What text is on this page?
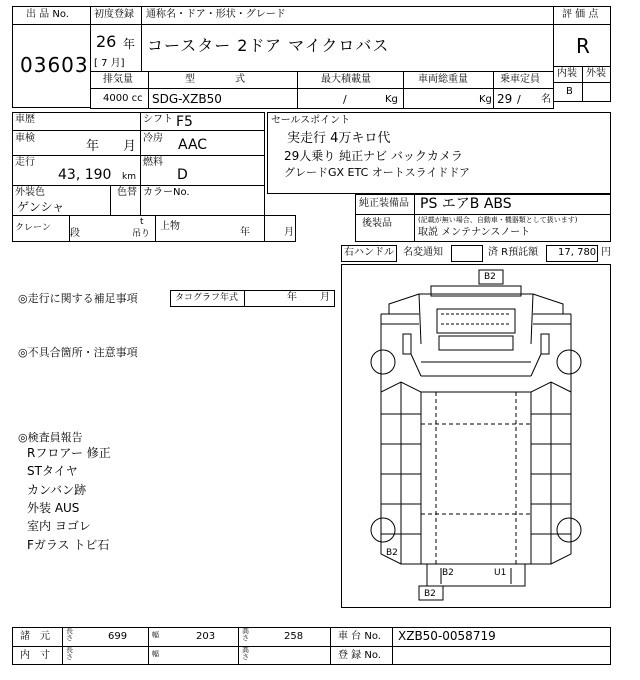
出 品 No.
03603
初度登録
26 年
[ 7 月]
通称名・ドア・形状・グレード
コースター 2ドア マイクロバス
評 価 点
R
内装 外装
B
排気量	型　　　　式	最大積載量	車両総重量	乗車定員
4000 cc SDG-XZB50	/	Kg	Kg 29 / 名
車歴
車検
年 月
走行
43, 190 km
シフト F5
冷房 AAC
燃料
D
外装色
ゲンシャ
色替 カラーNo.
クレーン 段
t
吊り
上物
年	月
セールスポイント
実走行 4万キロ代
29人乗り 純正ナビ バックカメラ
グレードGX ETC オートスライドドア
純正装備品 PS エアB ABS
後装品	(記載が無い場合、自動車・機器類として扱います)
取説 メンテナンスノート
右ハンドル 名変通知	済 R預託額 17, 780 円
◎走行に関する補足事項	タコグラフ年式	年 月
◎不具合箇所・注意事項
◎検査員報告
Rフロアー 修正
STタイヤ
カンバン跡
外装 AUS
室内 ヨゴレ
Fガラス トビ石
B2
B2
B2	U1
B2
諸　元 長さ	699	幅	203	高さ	258	車 台 No. XZB50-0058719
内　寸 長さ	幅	高さ	登 録 No.
